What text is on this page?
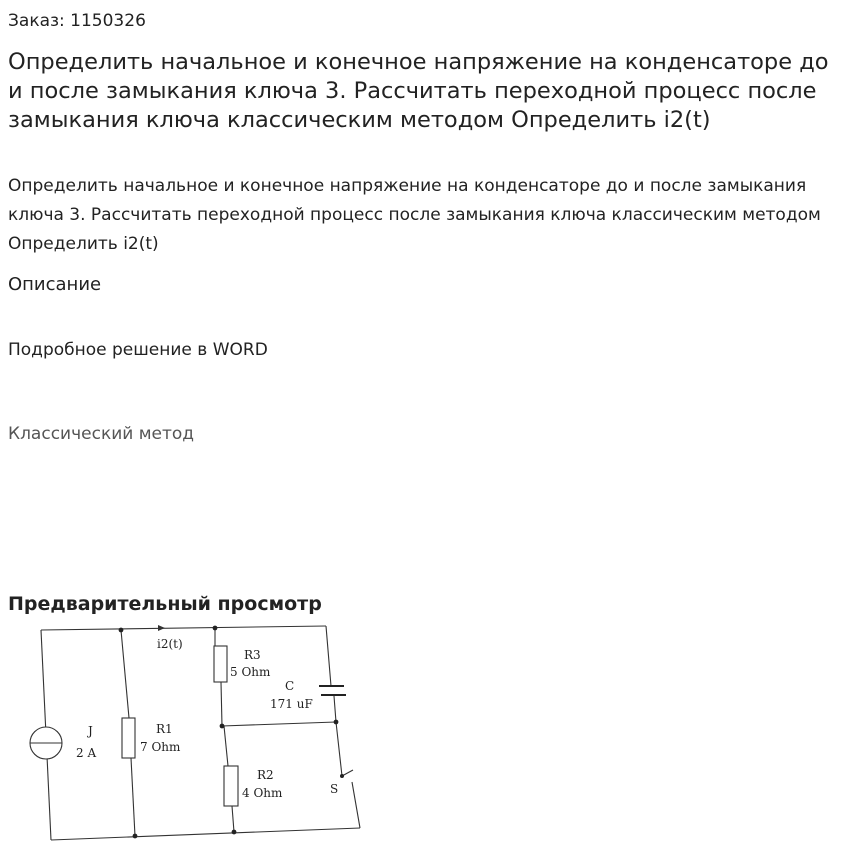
Заказ: 1150326
Определить начальное и конечное напряжение на конденсаторе до и после замыкания ключа 3. Рассчитать переходной процесс после замыкания ключа классическим методом Определить i2(t)

Определить начальное и конечное напряжение на конденсаторе до и после замыкания ключа 3. Рассчитать переходной процесс после замыкания ключа классическим методом Определить i2(t)

Описание

Подробное решение в WORD

Классический метод

Предварительный просмотр
i2(t)
J
2 A
R1
7 Ohm
R3
5 Ohm
C
171 uF
R2
4 Ohm	S
